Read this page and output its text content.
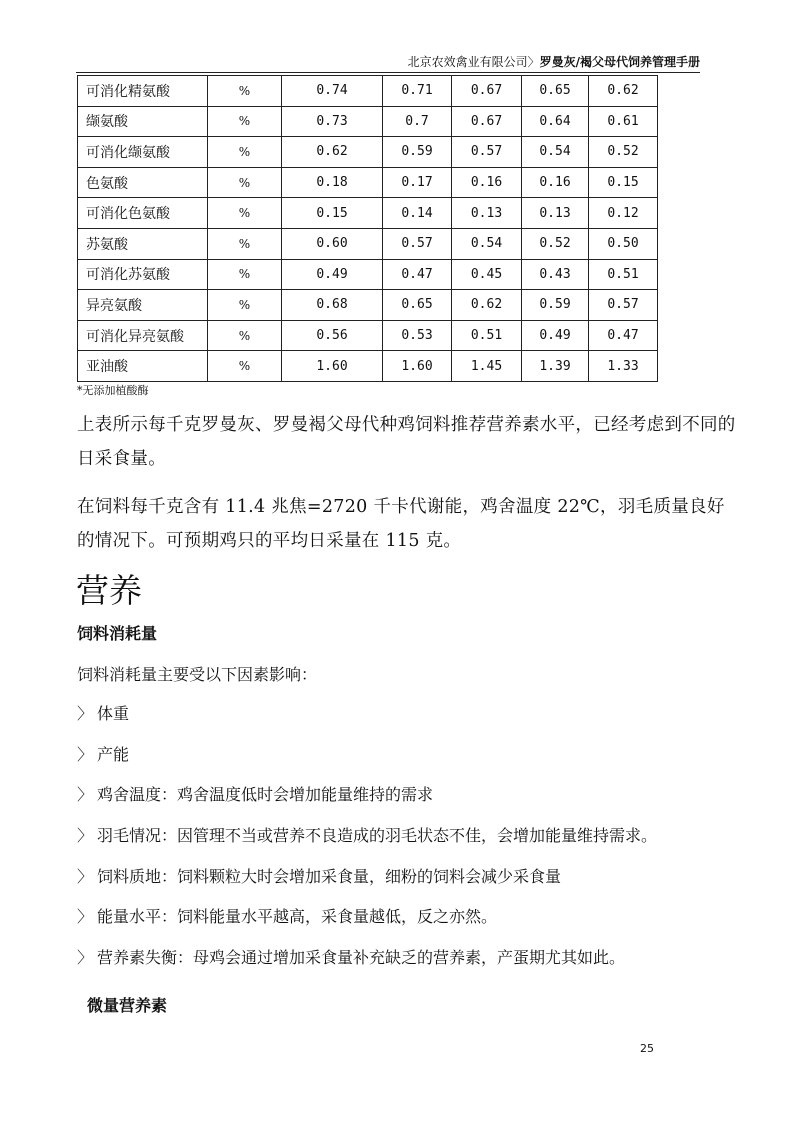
北京农效禽业有限公司〉罗曼灰/褐父母代饲养管理手册
可消化精氨酸	%	0.74	0.71	0.67	0.65	0.62
缬氨酸	%	0.73	0.7	0.67	0.64	0.61
可消化缬氨酸	%	0.62	0.59	0.57	0.54	0.52
色氨酸	%	0.18	0.17	0.16	0.16	0.15
可消化色氨酸	%	0.15	0.14	0.13	0.13	0.12
苏氨酸	%	0.60	0.57	0.54	0.52	0.50
可消化苏氨酸	%	0.49	0.47	0.45	0.43	0.51
异亮氨酸	%	0.68	0.65	0.62	0.59	0.57
可消化异亮氨酸	%	0.56	0.53	0.51	0.49	0.47
亚油酸	%	1.60	1.60	1.45	1.39	1.33
*无添加植酸酶
上表所示每千克罗曼灰、罗曼褐父母代种鸡饲料推荐营养素水平，已经考虑到不同的日采食量。
在饲料每千克含有 11.4 兆焦=2720 千卡代谢能，鸡舍温度 22℃，羽毛质量良好的情况下。可预期鸡只的平均日采量在 115 克。
营养
饲料消耗量
饲料消耗量主要受以下因素影响：
〉 体重
〉 产能
〉 鸡舍温度：鸡舍温度低时会增加能量维持的需求
〉 羽毛情况：因管理不当或营养不良造成的羽毛状态不佳，会增加能量维持需求。
〉 饲料质地：饲料颗粒大时会增加采食量，细粉的饲料会减少采食量
〉 能量水平：饲料能量水平越高，采食量越低，反之亦然。
〉 营养素失衡：母鸡会通过增加采食量补充缺乏的营养素，产蛋期尤其如此。
微量营养素
25
